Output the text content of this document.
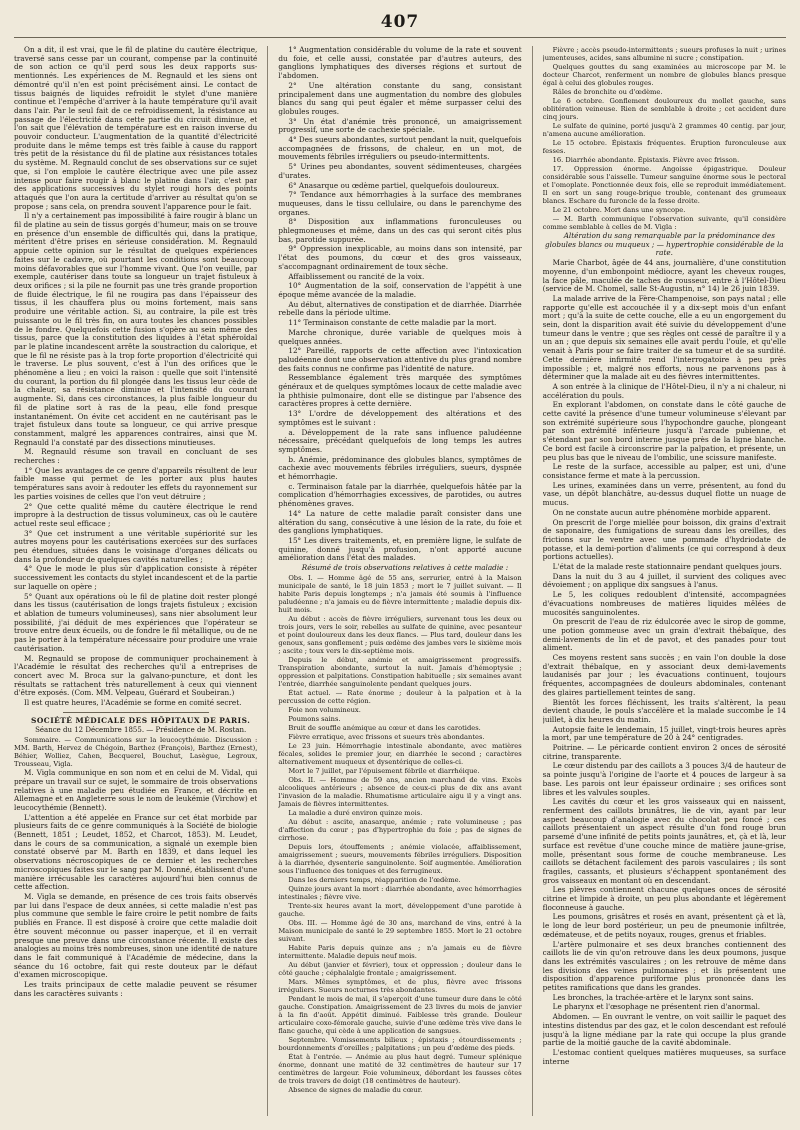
407

On a dit, il est vrai, que le fil de platine du cautère électrique, traversé sans cesse par un courant, compense par la continuité de son action ce qu'il perd sous les deux rapports sus-mentionnés. Les expériences de M. Regnauld et les siens ont démontré qu'il n'en est point précisément ainsi. Le contact de tissus baignés de liquides refroidit le stylet d'une manière continue et l'empêche d'arriver à la haute température qu'il avait dans l'air. Par le seul fait de ce refroidissement, la résistance au passage de l'électricité dans cette partie du circuit diminue, et l'on sait que l'élévation de température est en raison inverse du pouvoir conducteur. L'augmentation de la quantité d'électricité produite dans le même temps est très faible à cause du rapport très petit de la résistance du fil de platine aux résistances totales du système. M. Regnauld conclut de ses observations sur ce sujet que, si l'on emploie le cautère électrique avec une pile assez intense pour faire rougir à blanc le platine dans l'air, c'est par des applications successives du stylet rougi hors des points attaqués que l'on aura la certitude d'arriver au résultat qu'on se propose ; sans cela, on prendra souvent l'apparence pour le fait.

Il n'y a certainement pas impossibilité à faire rougir à blanc un fil de platine au sein de tissus gorgés d'humeur, mais on se trouve en présence d'un ensemble de difficultés qui, dans la pratique, méritent d'être prises en sérieuse considération. M. Regnauld appuie cette opinion sur le résultat de quelques expériences faites sur le cadavre, où pourtant les conditions sont beaucoup moins défavorables que sur l'homme vivant. Que l'on veuille, par exemple, cautériser dans toute sa longueur un trajet fistuleux à deux orifices ; si la pile ne fournit pas une très grande proportion de fluide électrique, le fil ne rougira pas dans l'épaisseur des tissus, il les chauffera plus ou moins fortement, mais sans produire une véritable action. Si, au contraire, la pile est très puissante ou le fil très fin, on aura toutes les chances possibles de le fondre. Quelquefois cette fusion s'opère au sein même des tissus, parce que la constitution des liquides à l'état sphéroïdal par le platine incandescent arrête la soustraction du calorique, et que le fil ne résiste pas à la trop forte proportion d'électricité qui le traverse. Le plus souvent, c'est à l'un des orifices que le phénomène a lieu ; en voici la raison : quelle que soit l'intensité du courant, la portion du fil plongée dans les tissus leur cède de la chaleur, sa résistance diminue et l'intensité du courant augmente. Si, dans ces circonstances, la plus faible longueur du fil de platine sort à ras de la peau, elle fond presque instantanément. On évite cet accident en ne cautérisant pas le trajet fistuleux dans toute sa longueur, ce qui arrive presque constamment, malgré les apparences contraires, ainsi que M. Regnauld l'a constaté par des dissections minutieuses.

M. Regnauld résume son travail en concluant de ses recherches :

1° Que les avantages de ce genre d'appareils résultent de leur faible masse qui permet de les porter aux plus hautes températures sans avoir à redouter les effets du rayonnement sur les parties voisines de celles que l'on veut détruire ;

2° Que cette qualité même du cautère électrique le rend impropre à la destruction de tissus volumineux, cas où le cautère actuel reste seul efficace ;

3° Que cet instrument a une véritable supériorité sur les autres moyens pour les cautérisations exercées sur des surfaces peu étendues, situées dans le voisinage d'organes délicats ou dans la profondeur de quelques cavités naturelles ;

4° Que le mode le plus sûr d'application consiste à répéter successivement les contacts du stylet incandescent et de la partie sur laquelle on opère ;

5° Quant aux opérations où le fil de platine doit rester plongé dans les tissus (cautérisation de longs trajets fistuleux ; excision et ablation de tumeurs volumineuses), sans nier absolument leur possibilité, j'ai déduit de mes expériences que l'opérateur se trouve entre deux écueils, ou de fondre le fil métallique, ou de ne pas le porter à la température nécessaire pour produire une vraie cautérisation.

M. Regnauld se propose de communiquer prochainement à l'Académie le résultat des recherches qu'il a entreprises de concert avec M. Broca sur la galvano-puncture, et dont les résultats se rattachent très naturellement à ceux qui viennent d'être exposés. (Com. MM. Velpeau, Guérard et Soubeiran.)

Il est quatre heures, l'Académie se forme en comité secret.

SOCIÉTÉ MÉDICALE DES HÔPITAUX DE PARIS.

Séance du 12 Décembre 1855. — Présidence de M. Rostan.

Sommaire. — Communications sur la leucocythémie. Discussion : MM. Barth, Hervez de Chégoin, Barthez (François), Barthez (Ernest), Béhier, Wolliez, Cahen, Becquerel, Bouchut, Lasègue, Legroux, Trousseau, Vigla.

M. Vigla communique en son nom et en celui de M. Vidal, qui prépare un travail sur ce sujet, le sommaire de trois observations relatives à une maladie peu étudiée en France, et décrite en Allemagne et en Angleterre sous le nom de leukémie (Virchow) et leucocythémie (Bennett).

L'attention a été appelée en France sur cet état morbide par plusieurs faits de ce genre communiqués à la Société de biologie (Bennett, 1851 ; Leudet, 1852, et Charcot, 1853). M. Leudet, dans le cours de sa communication, a signalé un exemple bien constaté observé par M. Barth en 1839, et dans lequel les observations nécroscopiques de ce dernier et les recherches microscopiques faites sur le sang par M. Donné, établissent d'une manière irrécusable les caractères aujourd'hui bien connus de cette affection.

M. Vigla se demande, en présence de ces trois faits observés par lui dans l'espace de deux années, si cette maladie n'est pas plus commune que semble le faire croire le petit nombre de faits publiés en France. Il est disposé à croire que cette maladie doit être souvent méconnue ou passer inaperçue, et il en verrait presque une preuve dans une circonstance récente. Il existe des analogies au moins très nombreuses, sinon une identité de nature dans le fait communiqué à l'Académie de médecine, dans la séance du 16 octobre, fait qui reste douteux par le défaut d'examen microscopique.

Les traits principaux de cette maladie peuvent se résumer dans les caractères suivants :

1° Augmentation considérable du volume de la rate et souvent du foie, et celle aussi, constatée par d'autres auteurs, des ganglions lymphatiques des diverses régions et surtout de l'abdomen.

2° Une altération constante du sang, consistant principalement dans une augmentation du nombre des globules blancs du sang qui peut égaler et même surpasser celui des globules rouges.

3° Un état d'anémie très prononcé, un amaigrissement progressif, une sorte de cachexie spéciale.

4° Des sueurs abondantes, surtout pendant la nuit, quelquefois accompagnées de frissons, de chaleur, en un mot, de mouvements fébriles irréguliers ou pseudo-intermittents.

5° Urines peu abondantes, souvent sédimenteuses, chargées d'urates.

6° Anasarque ou œdème partiel, quelquefois douloureux.

7° Tendance aux hémorrhagies à la surface des membranes muqueuses, dans le tissu cellulaire, ou dans le parenchyme des organes.

8° Disposition aux inflammations furonculeuses ou phlegmoneuses et même, dans un des cas qui seront cités plus bas, parotide suppurée.

9° Oppression inexplicable, au moins dans son intensité, par l'état des poumons, du cœur et des gros vaisseaux, s'accompagnant ordinairement de toux sèche.

Affaiblissement ou rancité de la voix.

10° Augmentation de la soif, conservation de l'appétit à une époque même avancée de la maladie.

Au début, alternatives de constipation et de diarrhée. Diarrhée rebelle dans la période ultime.

11° Terminaison constante de cette maladie par la mort.

Marche chronique, durée variable de quelques mois à quelques années.

12° Pareillé, rapports de cette affection avec l'intoxication paludéenne dont une observation attentive du plus grand nombre des faits connus ne confirme pas l'identité de nature.

Ressemblance également très marquée des symptômes généraux et de quelques symptômes locaux de cette maladie avec la phthisie pulmonaire, dont elle se distingue par l'absence des caractères propres à cette dernière.

13° L'ordre de développement des altérations et des symptômes est le suivant :

a. Développement de la rate sans influence paludéenne nécessaire, précédant quelquefois de long temps les autres symptômes.

b. Anémie, prédominance des globules blancs, symptômes de cachexie avec mouvements fébriles irréguliers, sueurs, dyspnée et hémorrhagie.

c. Terminaison fatale par la diarrhée, quelquefois hâtée par la complication d'hémorrhagies excessives, de parotides, ou autres phénomènes graves.

14° La nature de cette maladie paraît consister dans une altération du sang, consécutive à une lésion de la rate, du foie et des ganglions lymphatiques.

15° Les divers traitements, et, en première ligne, le sulfate de quinine, donné jusqu'à profusion, n'ont apporté aucune amélioration dans l'état des malades.

Résumé de trois observations relatives à cette maladie :

Obs. I. — Homme âgé de 55 ans, serrurier, entré à la Maison municipale de santé, le 18 juin 1853 ; mort le 7 juillet suivant. — Il habite Paris depuis longtemps ; n'a jamais été soumis à l'influence paludéenne ; n'a jamais eu de fièvre intermittente ; maladie depuis dix-huit mois.

Au début : accès de fièvre irréguliers, survenant tous les deux ou trois jours, vers le soir, rebelles au sulfate de quinine, avec pesanteur et point douloureux dans les deux flancs. — Plus tard, douleur dans les genoux, sans gonflement ; puis œdème des jambes vers le sixième mois ; ascite ; toux vers le dix-septième mois.

Depuis le début, anémie et amaigrissement progressifs. Transpiration abondante, surtout la nuit. Jamais d'hémoptysie ; oppression et palpitations. Constipation habituelle ; six semaines avant l'entrée, diarrhée sanguinolente pendant quelques jours.

État actuel. — Rate énorme ; douleur à la palpation et à la percussion de cette région.

Foie non volumineux.

Poumons sains.

Bruit de souffle anémique au cœur et dans les carotides.

Fièvre erratique, avec frissons et sueurs très abondantes.

Le 23 juin. Hémorrhagie intestinale abondante, avec matières fécales, solides le premier jour, en diarrhée le second ; caractères alternativement muqueux et dysentérique de celles-ci.

Mort le 7 juillet, par l'épuisement fébrile et diarrhéique.

Obs. II. — Homme de 59 ans, ancien marchand de vins. Excès alcooliques antérieurs ; absence de ceux-ci plus de dix ans avant l'invasion de la maladie. Rhumatisme articulaire aigu il y a vingt ans. Jamais de fièvres intermittentes.

La maladie a duré environ quinze mois.

Au début : ascite, anasarque, anémie ; rate volumineuse ; pas d'affection du cœur ; pas d'hypertrophie du foie ; pas de signes de cirrhose.

Depuis lors, étouffements ; anémie violacée, affaiblissement, amaigrissement ; sueurs, mouvements fébriles irréguliers. Disposition à la diarrhée, dysenterie sanguinolente. Soif augmentée. Amélioration sous l'influence des toniques et des ferrugineux.

Dans les derniers temps, réapparition de l'œdème.

Quinze jours avant la mort : diarrhée abondante, avec hémorrhagies intestinales ; fièvre vive.

Trente-six heures avant la mort, développement d'une parotide à gauche.

Obs. III. — Homme âgé de 30 ans, marchand de vins, entré à la Maison municipale de santé le 29 septembre 1855. Mort le 21 octobre suivant.

Habite Paris depuis quinze ans ; n'a jamais eu de fièvre intermittente. Maladie depuis neuf mois.

Au début (janvier et février), toux et oppression ; douleur dans le côté gauche ; céphalalgie frontale ; amaigrissement.

Mars. Mêmes symptômes, et de plus, fièvre avec frissons irréguliers. Sueurs nocturnes très abondantes.

Pendant le mois de mai, il s'aperçoit d'une tumeur dure dans le côté gauche. Constipation. Amaigrissement de 23 livres du mois de janvier à la fin d'août. Appétit diminué. Faiblesse très grande. Douleur articulaire coxo-fémorale gauche, suivie d'une œdème très vive dans le flanc gauche, qui cède à une application de sangsues.

Septembre. Vomissements bilieux ; épistaxis ; étourdissements ; bourdonnements d'oreilles ; palpitations ; un peu d'œdème des pieds.

État à l'entrée. — Anémie au plus haut degré. Tumeur splénique énorme, donnant une matité de 32 centimètres de hauteur sur 17 centimètres de largeur. Foie volumineux, débordant les fausses côtes de trois travers de doigt (18 centimètres de hauteur).

Absence de signes de maladie du cœur.

Fièvre ; accès pseudo-intermittents ; sueurs profuses la nuit ; urines jumenteuses, acides, sans albumine ni sucre ; constipation.

Quelques gouttes du sang examinées au microscope par M. le docteur Charcot, renferment un nombre de globules blancs presque égal à celui des globules rouges.

Râles de bronchite ou d'œdème.

Le 6 octobre. Gonflement douloureux du mollet gauche, sans oblitération veineuse. Rien de semblable à droite ; cet accident dure cinq jours.

Le sulfate de quinine, porté jusqu'à 2 grammes 40 centig. par jour, n'amena aucune amélioration.

Le 15 octobre. Épistaxis fréquentes. Éruption furonculeuse aux fesses.

16. Diarrhée abondante. Épistaxis. Fièvre avec frisson.

17. Oppression énorme. Angoisse épigastrique. Douleur considérable sous l'aisselle. Tumeur sanguine énorme sous le pectoral et l'omoplate. Ponctionnée deux fois, elle se reproduit immédiatement. Il en sort un sang rouge-brique trouble, contenant des grumeaux blancs. Eschare du furoncle de la fesse droite.

Le 21 octobre. Mort dans une syncope.

— M. Barth communique l'observation suivante, qu'il considère comme semblable à celles de M. Vigla :

Altération du sang remarquable par la prédominance des globules blancs ou muqueux ; — hypertrophie considérable de la rate.

Marie Charbot, âgée de 44 ans, journalière, d'une constitution moyenne, d'un embonpoint médiocre, ayant les cheveux rouges, la face pâle, maculée de taches de rousseur, entre à l'Hôtel-Dieu (service de M. Chomel, salle St-Augustin, n° 14) le 26 juin 1839.

La malade arrive de la Fère-Champenoise, son pays natal ; elle rapporte qu'elle est accouchée il y a dix-sept mois d'un enfant mort ; qu'à la suite de cette couche, elle a eu un engorgement du sein, dont la disparition avait été suivie du développement d'une tumeur dans le ventre ; que ses règles ont cessé de paraître il y a un an ; que depuis six semaines elle avait perdu l'ouïe, et qu'elle venait à Paris pour se faire traiter de sa tumeur et de sa surdité. Cette dernière infirmité rend l'interrogatoire à peu près impossible ; et, malgré nos efforts, nous ne parvenons pas à déterminer que la malade ait eu des fièvres intermittentes.

A son entrée à la clinique de l'Hôtel-Dieu, il n'y a ni chaleur, ni accélération du pouls.

En explorant l'abdomen, on constate dans le côté gauche de cette cavité la présence d'une tumeur volumineuse s'élevant par son extrémité supérieure sous l'hypochondre gauche, plongeant par son extrémité inférieure jusqu'à l'arcade pubienne, et s'étendant par son bord interne jusque près de la ligne blanche. Ce bord est facile à circonscrire par la palpation, et présente, un peu plus bas que le niveau de l'ombilic, une scissure manifeste.

Le reste de la surface, accessible au palper, est uni, d'une consistance ferme et mate à la percussion.

Les urines, examinées dans un verre, présentent, au fond du vase, un dépôt blanchâtre, au-dessus duquel flotte un nuage de mucus.

On ne constate aucun autre phénomène morbide apparent.

On prescrit de l'orge miellée pour boisson, dix grains d'extrait de saponaire, des fumigations de sureau dans les oreilles, des frictions sur le ventre avec une pommade d'hydriodate de potasse, et la demi-portion d'aliments (ce qui correspond à deux portions actuelles).

L'état de la malade reste stationnaire pendant quelques jours.

Dans la nuit du 3 au 4 juillet, il survient des coliques avec dévoiement ; on applique dix sangsues à l'anus.

Le 5, les coliques redoublent d'intensité, accompagnées d'évacuations nombreuses de matières liquides mêlées de mucosités sanguinolentes.

On prescrit de l'eau de riz édulcorée avec le sirop de gomme, une potion gommeuse avec un grain d'extrait thébaïque, des demi-lavements de lin et de pavot, et des panades pour tout aliment.

Ces moyens restent sans succès ; en vain l'on double la dose d'extrait thébaïque, en y associant deux demi-lavements laudanisés par jour ; les évacuations continuent, toujours fréquentes, accompagnées de douleurs abdominales, contenant des glaires partiellement teintes de sang.

Bientôt les forces fléchissent, les traits s'altèrent, la peau devient chaude, le pouls s'accélère et la malade succombe le 14 juillet, à dix heures du matin.

Autopsie faite le lendemain, 15 juillet, vingt-trois heures après la mort, par une température de 20 à 24° centigrades.

Poitrine. — Le péricarde contient environ 2 onces de sérosité citrine, transparente.

Le cœur distendu par des caillots a 3 pouces 3/4 de hauteur de sa pointe jusqu'à l'origine de l'aorte et 4 pouces de largeur à sa base. Les parois ont leur épaisseur ordinaire ; ses orifices sont libres et les valvules souples.

Les cavités du cœur et les gros vaisseaux qui en naissent, renferment des caillots brunâtres, lie de vin, ayant par leur aspect beaucoup d'analogie avec du chocolat peu foncé ; ces caillots présentaient un aspect résulte d'un fond rouge brun parsemé d'une infinité de petits points jaunâtres, et, çà et là, leur surface est revêtue d'une couche mince de matière jaune-grise, molle, présentant sous forme de couche membraneuse. Les caillots se détachent facilement des parois vasculaires ; ils sont fragiles, cassants, et plusieurs s'échappent spontanément des gros vaisseaux en montant où en descendant.

Les plèvres contiennent chacune quelques onces de sérosité citrine et limpide à droite, un peu plus abondante et légèrement floconneuse à gauche.

Les poumons, grisâtres et rosés en avant, présentent çà et là, le long de leur bord postérieur, un peu de pneumonie infiltrée, œdémateuse, et de petits noyaux, rouges, grenus et friables.

L'artère pulmonaire et ses deux branches contiennent des caillots lie de vin qu'on retrouve dans les deux poumons, jusque dans les extrémités vasculaires ; on les retrouve de même dans les divisions des veines pulmonaires ; et ils présentent une disposition d'apparence puriforme plus prononcée dans les petites ramifications que dans les grandes.

Les bronches, la trachée-artère et le larynx sont sains.

Le pharynx et l'œsophage ne présentent rien d'anormal.

Abdomen. — En ouvrant le ventre, on voit saillir le paquet des intestins distendus par des gaz, et le colon descendant est refoulé jusqu'à la ligne médiane par la rate qui occupe la plus grande partie de la moitié gauche de la cavité abdominale.

L'estomac contient quelques matières muqueuses, sa surface interne
